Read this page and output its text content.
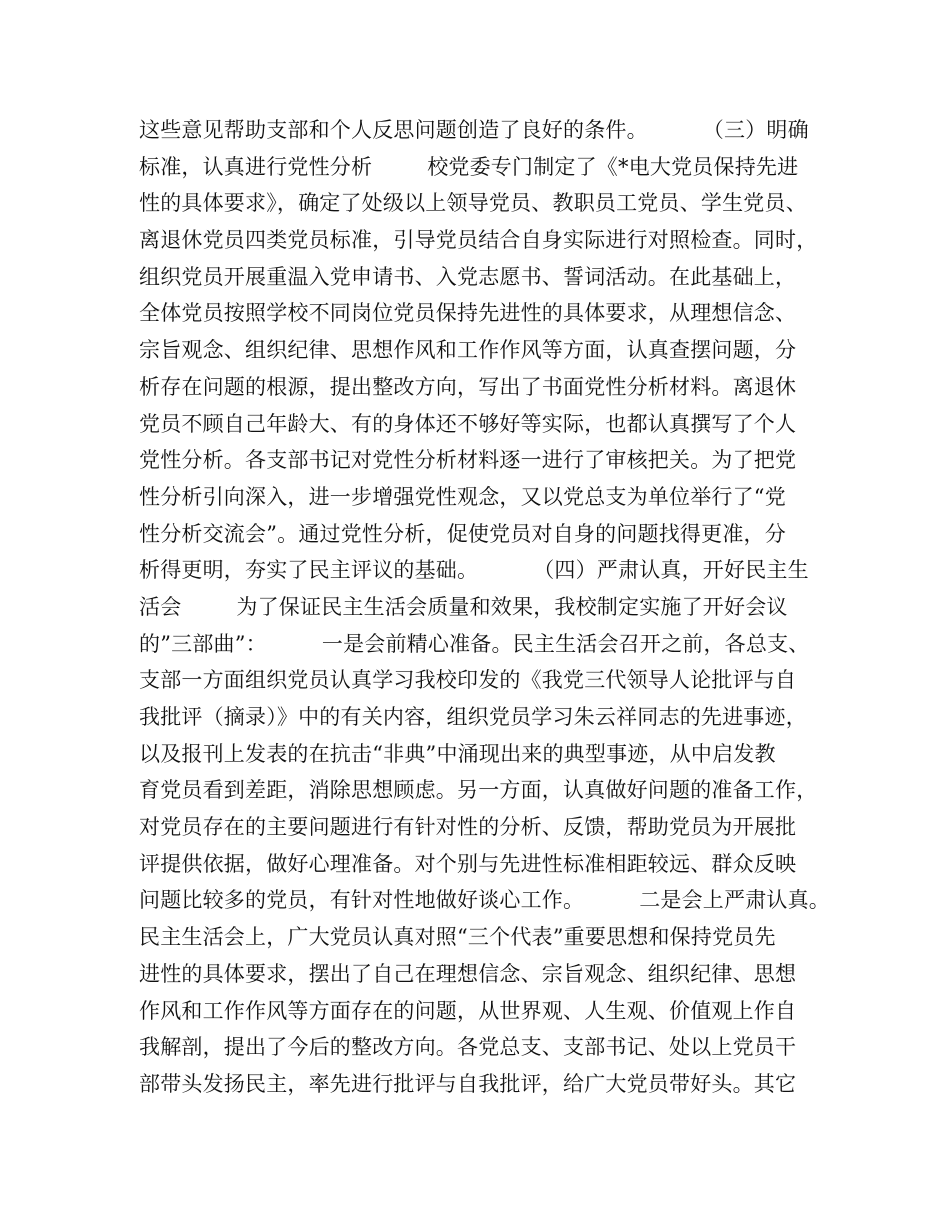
这些意见帮助支部和个人反思问题创造了良好的条件。        （三）明确
标准，认真进行党性分析        校党委专门制定了《*电大党员保持先进
性的具体要求》，确定了处级以上领导党员、教职员工党员、学生党员、
离退休党员四类党员标准，引导党员结合自身实际进行对照检查。同时，
组织党员开展重温入党申请书、入党志愿书、誓词活动。在此基础上，
全体党员按照学校不同岗位党员保持先进性的具体要求，从理想信念、
宗旨观念、组织纪律、思想作风和工作作风等方面，认真查摆问题，分
析存在问题的根源，提出整改方向，写出了书面党性分析材料。离退休
党员不顾自己年龄大、有的身体还不够好等实际，也都认真撰写了个人
党性分析。各支部书记对党性分析材料逐一进行了审核把关。为了把党
性分析引向深入，进一步增强党性观念，又以党总支为单位举行了“党
性分析交流会”。通过党性分析，促使党员对自身的问题找得更准，分
析得更明，夯实了民主评议的基础。        （四）严肃认真，开好民主生
活会        为了保证民主生活会质量和效果，我校制定实施了开好会议
的”三部曲”：        一是会前精心准备。民主生活会召开之前，各总支、
支部一方面组织党员认真学习我校印发的《我党三代领导人论批评与自
我批评（摘录）》中的有关内容，组织党员学习朱云祥同志的先进事迹，
以及报刊上发表的在抗击“非典”中涌现出来的典型事迹，从中启发教
育党员看到差距，消除思想顾虑。另一方面，认真做好问题的准备工作，
对党员存在的主要问题进行有针对性的分析、反馈，帮助党员为开展批
评提供依据，做好心理准备。对个别与先进性标准相距较远、群众反映
问题比较多的党员，有针对性地做好谈心工作。        二是会上严肃认真。
民主生活会上，广大党员认真对照“三个代表”重要思想和保持党员先
进性的具体要求，摆出了自己在理想信念、宗旨观念、组织纪律、思想
作风和工作作风等方面存在的问题，从世界观、人生观、价值观上作自
我解剖，提出了今后的整改方向。各党总支、支部书记、处以上党员干
部带头发扬民主，率先进行批评与自我批评，给广大党员带好头。其它
